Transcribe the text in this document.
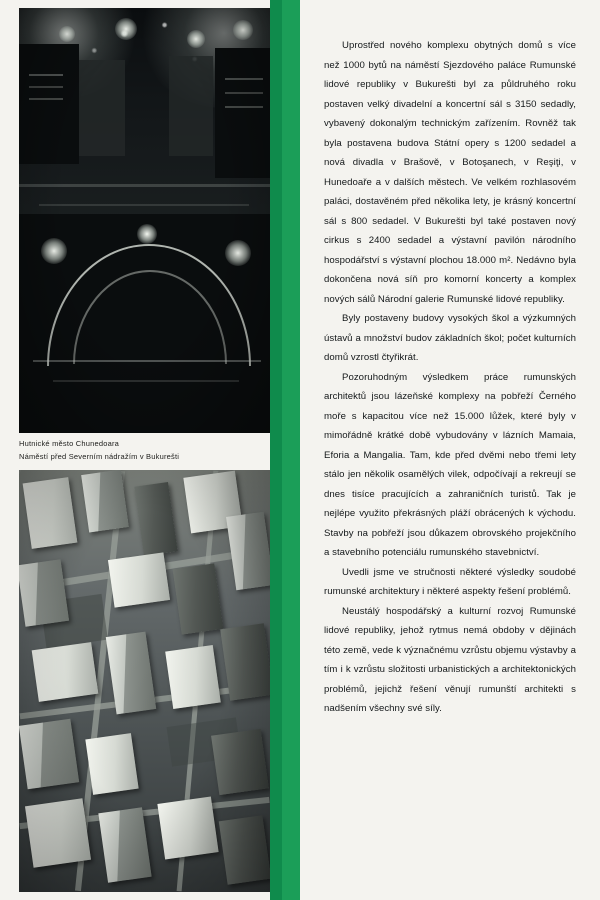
Hutnické město Chunedoara
Náměstí před Severním nádražím v Bukurešti

Uprostřed nového komplexu obytných domů s více než 1000 bytů na náměstí Sjezdového paláce Rumunské lidové republiky v Bukurešti byl za půldruhého roku postaven velký divadelní a koncertní sál s 3150 sedadly, vybavený dokonalým technickým zařízením. Rovněž tak byla postavena budova Státní opery s 1200 sedadel a nová divadla v Brašově, v Botoşanech, v Reşiţi, v Hunedoaře a v dalších městech. Ve velkém rozhlasovém paláci, dostavěném před několika lety, je krásný koncertní sál s 800 sedadel. V Bukurešti byl také postaven nový cirkus s 2400 sedadel a výstavní pavilón národního hospodářství s výstavní plochou 18.000 m². Nedávno byla dokončena nová síň pro komorní koncerty a komplex nových sálů Národní galerie Rumunské lidové republiky.

Byly postaveny budovy vysokých škol a výzkumných ústavů a množství budov základních škol; počet kulturních domů vzrostl čtyřikrát.

Pozoruhodným výsledkem práce rumunských architektů jsou lázeňské komplexy na pobřeží Černého moře s kapacitou více než 15.000 lůžek, které byly v mimořádně krátké době vybudovány v lázních Mamaia, Eforia a Mangalia. Tam, kde před dvěmi nebo třemi lety stálo jen několik osamělých vilek, odpočívají a rekreují se dnes tisíce pracujících a zahraničních turistů. Tak je nejlépe využito překrásných pláží obrácených k východu. Stavby na pobřeží jsou důkazem obrovského projekčního a stavebního potenciálu rumunského stavebnictví.

Uvedli jsme ve stručnosti některé výsledky soudobé rumunské architektury i některé aspekty řešení problémů.

Neustálý hospodářský a kulturní rozvoj Rumunské lidové republiky, jehož rytmus nemá obdoby v dějinách této země, vede k význačnému vzrůstu objemu výstavby a tím i k vzrůstu složitosti urbanistických a architektonických problémů, jejichž řešení věnují rumunští architekti s nadšením všechny své síly.
